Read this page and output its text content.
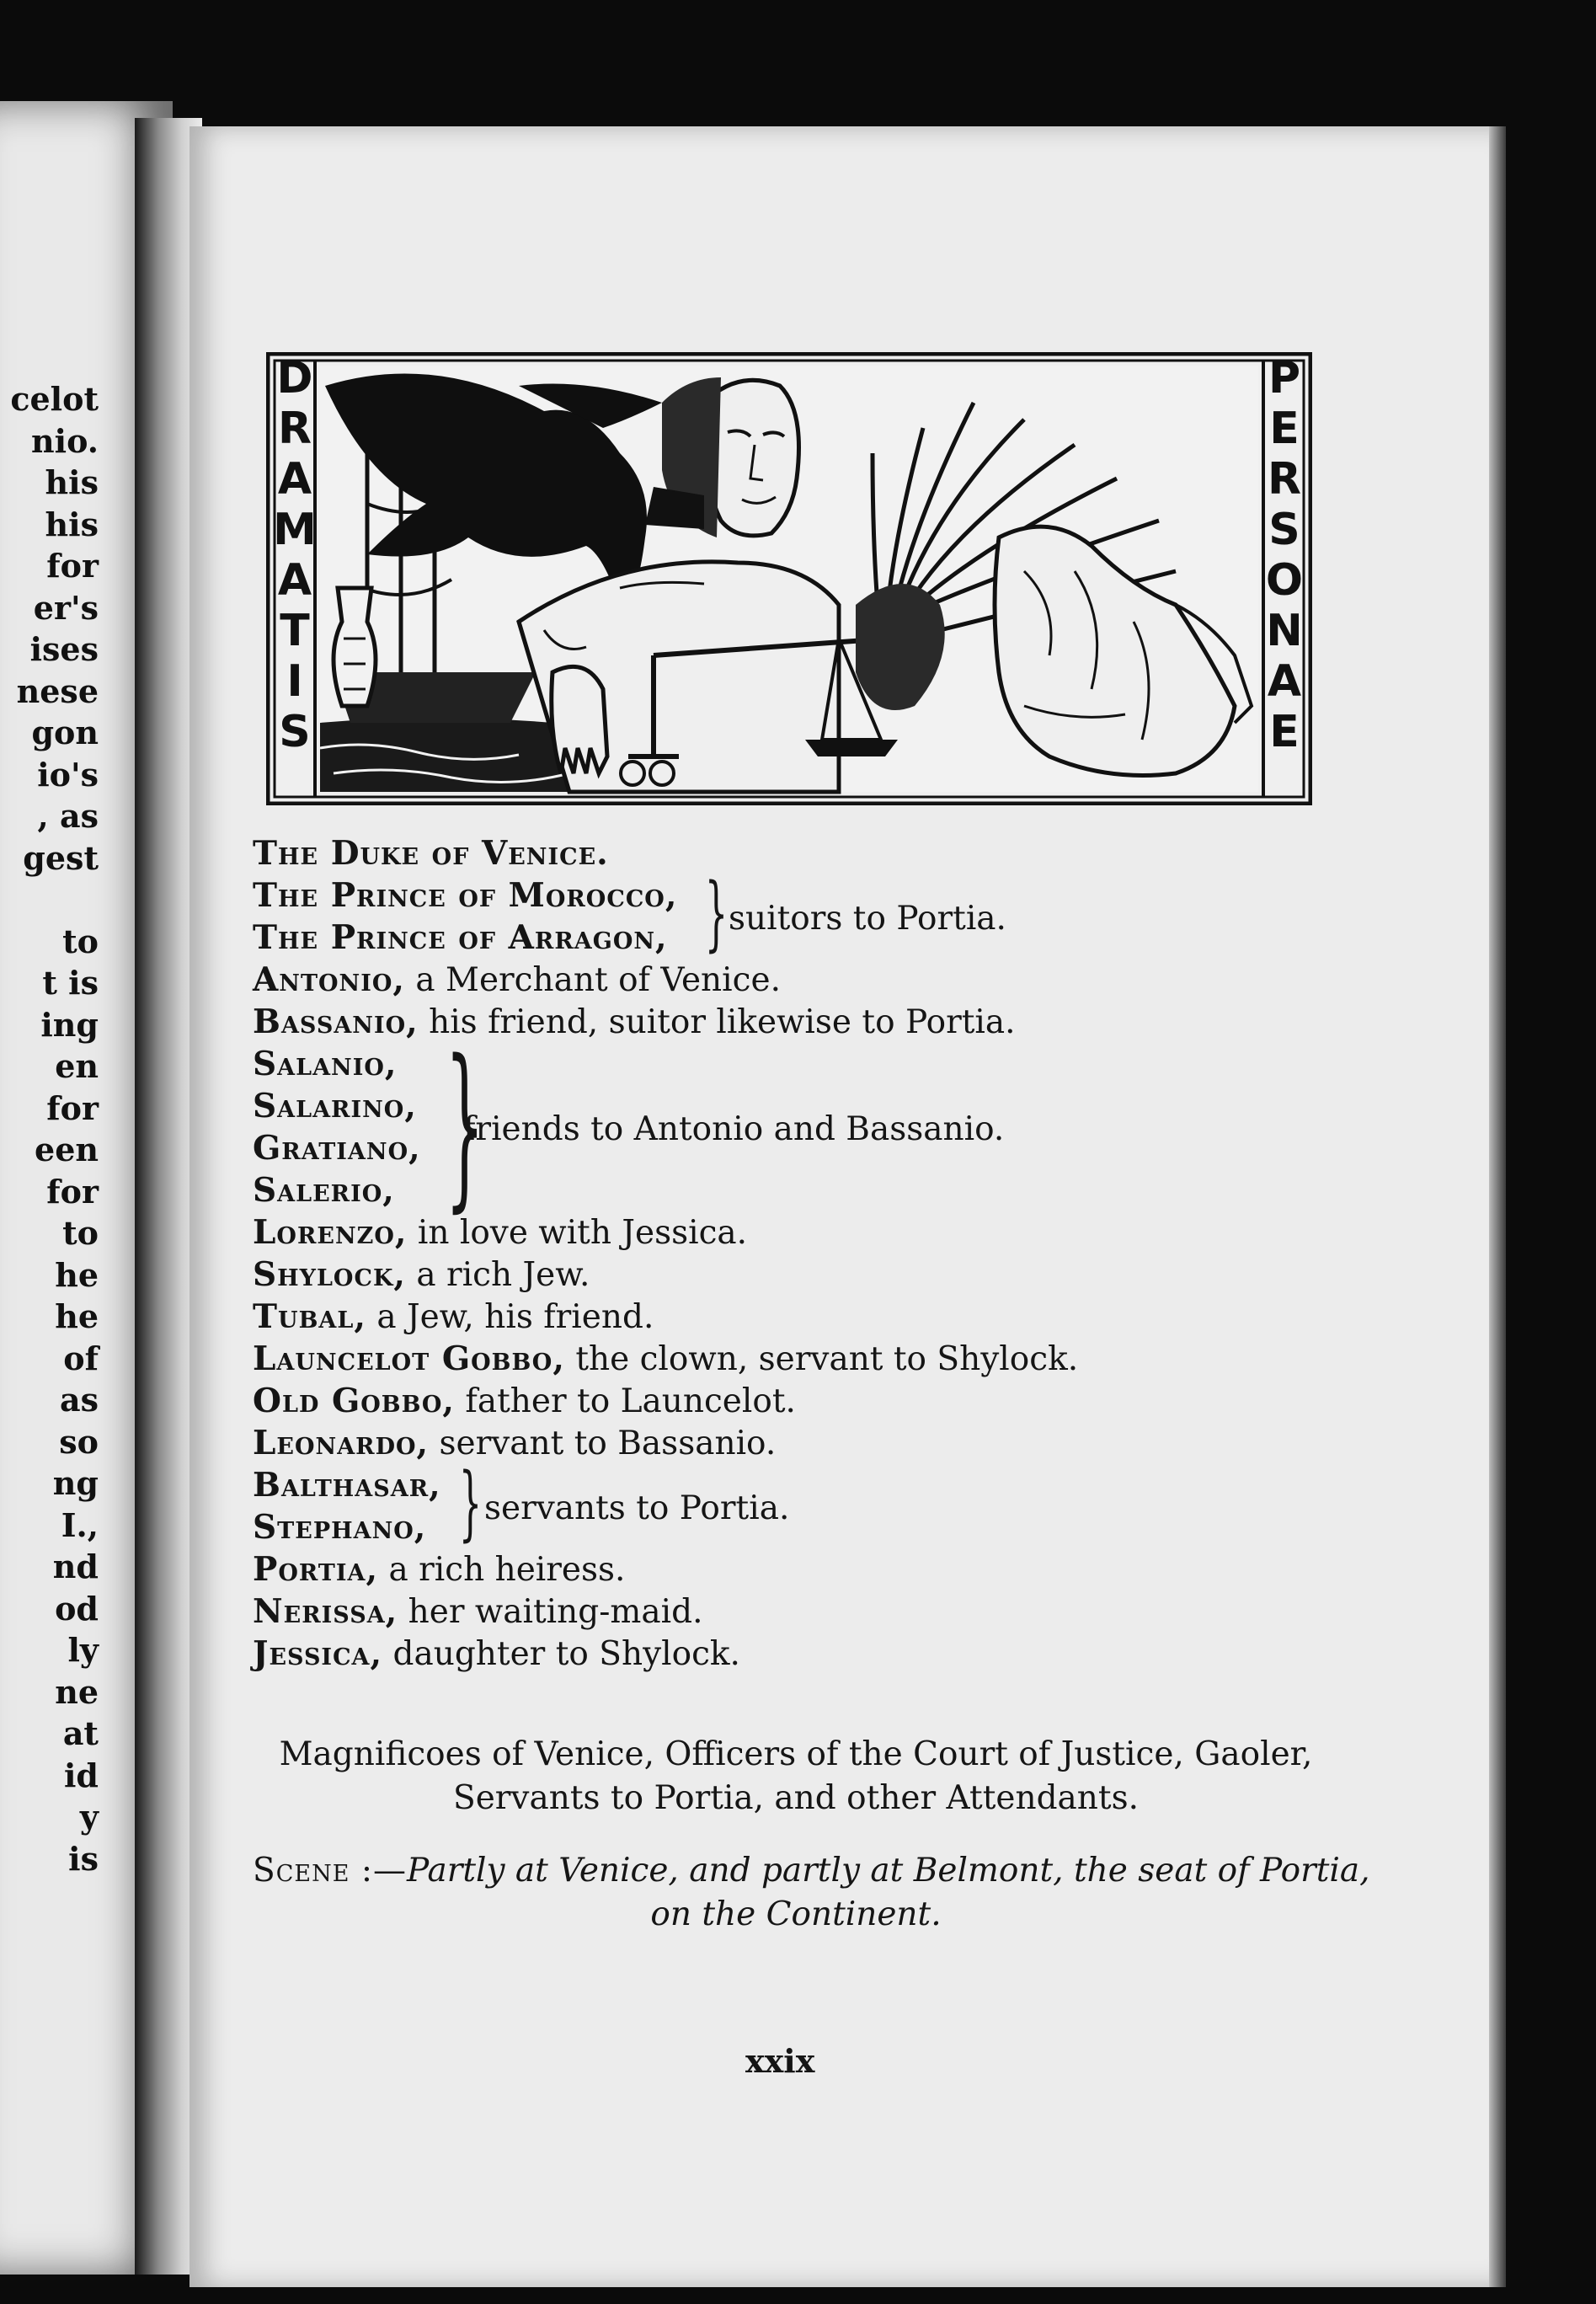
celot
nio.
his
his
for
er's
ises
nese
gon
io's
, as
gest
to
t is
ing
en
for
een
for
to
he
he
of
as
so
ng
I.,
nd
od
ly
ne
at
id
y
is
D
R
A
M
A
T
I
S
P
E
R
S
O
N
A
E
The Duke of Venice.
The Prince of Morocco,
The Prince of Arragon, } suitors to Portia.
Antonio, a Merchant of Venice.
Bassanio, his friend, suitor likewise to Portia.
Salanio,
Salarino,
Gratiano,
Salerio, }
friends to Antonio and Bassanio.
Lorenzo, in love with Jessica.
Shylock, a rich Jew.
Tubal, a Jew, his friend.
Launcelot Gobbo, the clown, servant to Shylock.
Old Gobbo, father to Launcelot.
Leonardo, servant to Bassanio.
Balthasar,
Stephano, } servants to Portia.
Portia, a rich heiress.
Nerissa, her waiting-maid.
Jessica, daughter to Shylock.
Magnificoes of Venice, Officers of the Court of Justice, Gaoler,
Servants to Portia, and other Attendants.
Scene :—Partly at Venice, and partly at Belmont, the seat of Portia,
on the Continent.
xxix
